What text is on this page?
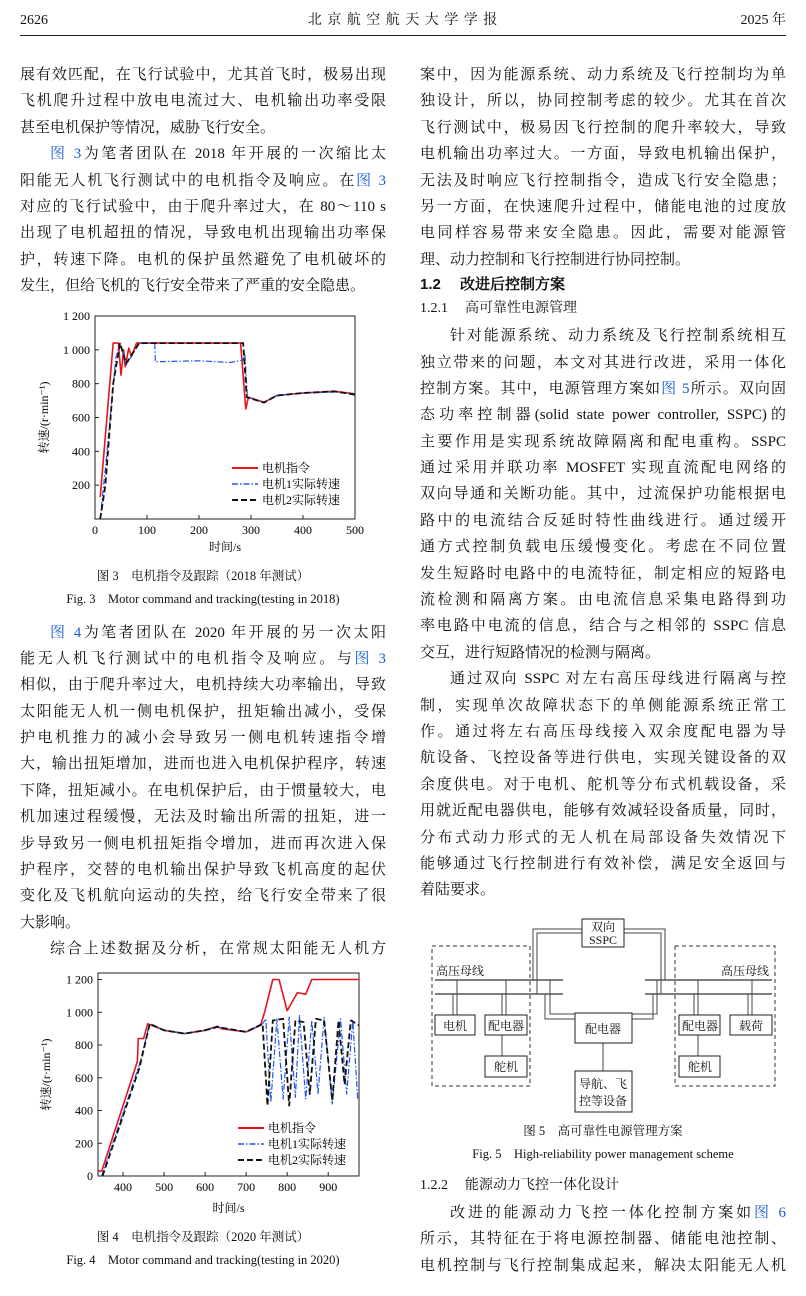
2626	北 京 航 空 航 天 大 学 学 报	2025 年
展有效匹配，在飞行试验中，尤其首飞时，极易出现
飞机爬升过程中放电电流过大、电机输出功率受限
甚至电机保护等情况，威胁飞行安全。
图 3为笔者团队在 2018 年开展的一次缩比太
阳能无人机飞行测试中的电机指令及响应。在图 3
对应的飞行试验中，由于爬升率过大，在 80～110 s
出现了电机超扭的情况，导致电机出现输出功率保
护，转速下降。电机的保护虽然避免了电机破坏的
发生，但给飞机的飞行安全带来了严重的安全隐患。
0	100	200	300	400	500
200
400
600
800
1 000
1 200
时间/s
转速/(r·min⁻¹)
电机指令
电机1实际转速
电机2实际转速
图 3　电机指令及跟踪（2018 年测试）
Fig. 3　Motor command and tracking(testing in 2018)
图 4为笔者团队在 2020 年开展的另一次太阳
能无人机飞行测试中的电机指令及响应。与图 3
相似，由于爬升率过大，电机持续大功率输出，导致
太阳能无人机一侧电机保护，扭矩输出减小，受保
护电机推力的减小会导致另一侧电机转速指令增
大，输出扭矩增加，进而也进入电机保护程序，转速
下降，扭矩减小。在电机保护后，由于惯量较大，电
机加速过程缓慢，无法及时输出所需的扭矩，进一
步导致另一侧电机扭矩指令增加，进而再次进入保
护程序，交替的电机输出保护导致飞机高度的起伏
变化及飞机航向运动的失控，给飞行安全带来了很
大影响。
综合上述数据及分析，在常规太阳能无人机方
400 500 600 700 800 900
0
200
400
600
800
1 000
1 200
时间/s
转速/(r·min⁻¹)
电机指令
电机1实际转速
电机2实际转速
图 4　电机指令及跟踪（2020 年测试）
Fig. 4　Motor command and tracking(testing in 2020)
案中，因为能源系统、动力系统及飞行控制均为单
独设计，所以，协同控制考虑的较少。尤其在首次
飞行测试中，极易因飞行控制的爬升率较大，导致
电机输出功率过大。一方面，导致电机输出保护，
无法及时响应飞行控制指令，造成飞行安全隐患；
另一方面，在快速爬升过程中，储能电池的过度放
电同样容易带来安全隐患。因此，需要对能源管
理、动力控制和飞行控制进行协同控制。
1.2 改进后控制方案
1.2.1 高可靠性电源管理
针对能源系统、动力系统及飞行控制系统相互
独立带来的问题，本文对其进行改进，采用一体化
控制方案。其中，电源管理方案如图 5所示。双向固
态功率控制器(solid state power controller, SSPC)的
主要作用是实现系统故障隔离和配电重构。SSPC
通过采用并联功率 MOSFET 实现直流配电网络的
双向导通和关断功能。其中，过流保护功能根据电
路中的电流结合反延时特性曲线进行。通过缓开
通方式控制负载电压缓慢变化。考虑在不同位置
发生短路时电路中的电流特征，制定相应的短路电
流检测和隔离方案。由电流信息采集电路得到功
率电路中电流的信息，结合与之相邻的 SSPC 信息
交互，进行短路情况的检测与隔离。
通过双向 SSPC 对左右高压母线进行隔离与控
制，实现单次故障状态下的单侧能源系统正常工
作。通过将左右高压母线接入双余度配电器为导
航设备、飞控设备等进行供电，实现关键设备的双
余度供电。对于电机、舵机等分布式机载设备，采
用就近配电器供电，能够有效减轻设备质量，同时，
分布式动力形式的无人机在局部设备失效情况下
能够通过飞行控制进行有效补偿，满足安全返回与
着陆要求。
双向
SSPC
高压母线	高压母线
电机 配电器
舵机
配电器
导航、飞
控等设备
配电器 载荷
舵机
图 5　高可靠性电源管理方案
Fig. 5　High-reliability power management scheme
1.2.2 能源动力飞控一体化设计
改进的能源动力飞控一体化控制方案如图 6
所示，其特征在于将电源控制器、储能电池控制、
电机控制与飞行控制集成起来，解决太阳能无人机
